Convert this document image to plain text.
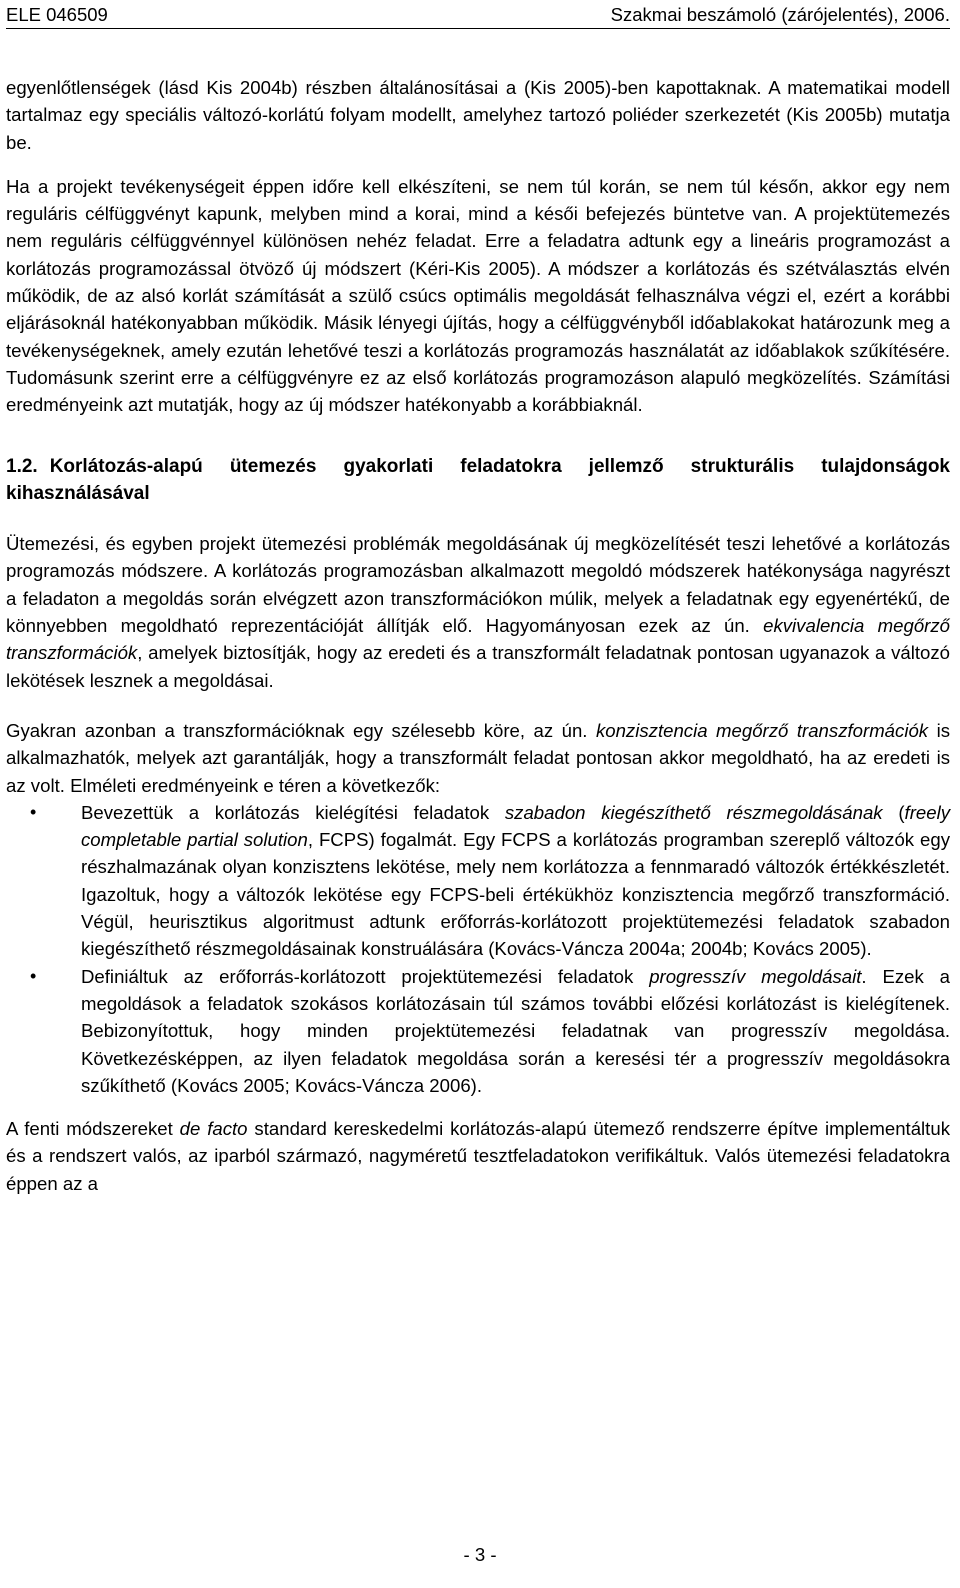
ELE 046509	Szakmai beszámoló (zárójelentés), 2006.

egyenlőtlenségek (lásd Kis 2004b) részben általánosításai a (Kis 2005)-ben kapottaknak. A matematikai modell tartalmaz egy speciális változó-korlátú folyam modellt, amelyhez tartozó poliéder szerkezetét (Kis 2005b) mutatja be.

Ha a projekt tevékenységeit éppen időre kell elkészíteni, se nem túl korán, se nem túl későn, akkor egy nem reguláris célfüggvényt kapunk, melyben mind a korai, mind a késői befejezés büntetve van. A projektütemezés nem reguláris célfüggvénnyel különösen nehéz feladat. Erre a feladatra adtunk egy a lineáris programozást a korlátozás programozással ötvöző új módszert (Kéri-Kis 2005). A módszer a korlátozás és szétválasztás elvén működik, de az alsó korlát számítását a szülő csúcs optimális megoldását felhasználva végzi el, ezért a korábbi eljárásoknál hatékonyabban működik. Másik lényegi újítás, hogy a célfüggvényből időablakokat határozunk meg a tevékenységeknek, amely ezután lehetővé teszi a korlátozás programozás használatát az időablakok szűkítésére. Tudomásunk szerint erre a célfüggvényre ez az első korlátozás programozáson alapuló megközelítés. Számítási eredményeink azt mutatják, hogy az új módszer hatékonyabb a korábbiaknál.

1.2. Korlátozás-alapú ütemezés gyakorlati feladatokra jellemző strukturális tulajdonságok kihasználásával

Ütemezési, és egyben projekt ütemezési problémák megoldásának új megközelítését teszi lehetővé a korlátozás programozás módszere. A korlátozás programozásban alkalmazott megoldó módszerek hatékonysága nagyrészt a feladaton a megoldás során elvégzett azon transzformációkon múlik, melyek a feladatnak egy egyenértékű, de könnyebben megoldható reprezentációját állítják elő. Hagyományosan ezek az ún. ekvivalencia megőrző transzformációk, amelyek biztosítják, hogy az eredeti és a transzformált feladatnak pontosan ugyanazok a változó lekötések lesznek a megoldásai.

Gyakran azonban a transzformációknak egy szélesebb köre, az ún. konzisztencia megőrző transzformációk is alkalmazhatók, melyek azt garantálják, hogy a transzformált feladat pontosan akkor megoldható, ha az eredeti is az volt. Elméleti eredményeink e téren a következők:

• Bevezettük a korlátozás kielégítési feladatok szabadon kiegészíthető részmegoldásának (freely completable partial solution, FCPS) fogalmát. Egy FCPS a korlátozás programban szereplő változók egy részhalmazának olyan konzisztens lekötése, mely nem korlátozza a fennmaradó változók értékkészletét. Igazoltuk, hogy a változók lekötése egy FCPS-beli értékükhöz konzisztencia megőrző transzformáció. Végül, heurisztikus algoritmust adtunk erőforrás-korlátozott projektütemezési feladatok szabadon kiegészíthető részmegoldásainak konstruálására (Kovács-Váncza 2004a; 2004b; Kovács 2005).
• Definiáltuk az erőforrás-korlátozott projektütemezési feladatok progresszív megoldásait. Ezek a megoldások a feladatok szokásos korlátozásain túl számos további előzési korlátozást is kielégítenek. Bebizonyítottuk, hogy minden projektütemezési feladatnak van progresszív megoldása. Következésképpen, az ilyen feladatok megoldása során a keresési tér a progresszív megoldásokra szűkíthető (Kovács 2005; Kovács-Váncza 2006).

A fenti módszereket de facto standard kereskedelmi korlátozás-alapú ütemező rendszerre építve implementáltuk és a rendszert valós, az iparból származó, nagyméretű tesztfeladatokon verifikáltuk. Valós ütemezési feladatokra éppen az a

- 3 -
